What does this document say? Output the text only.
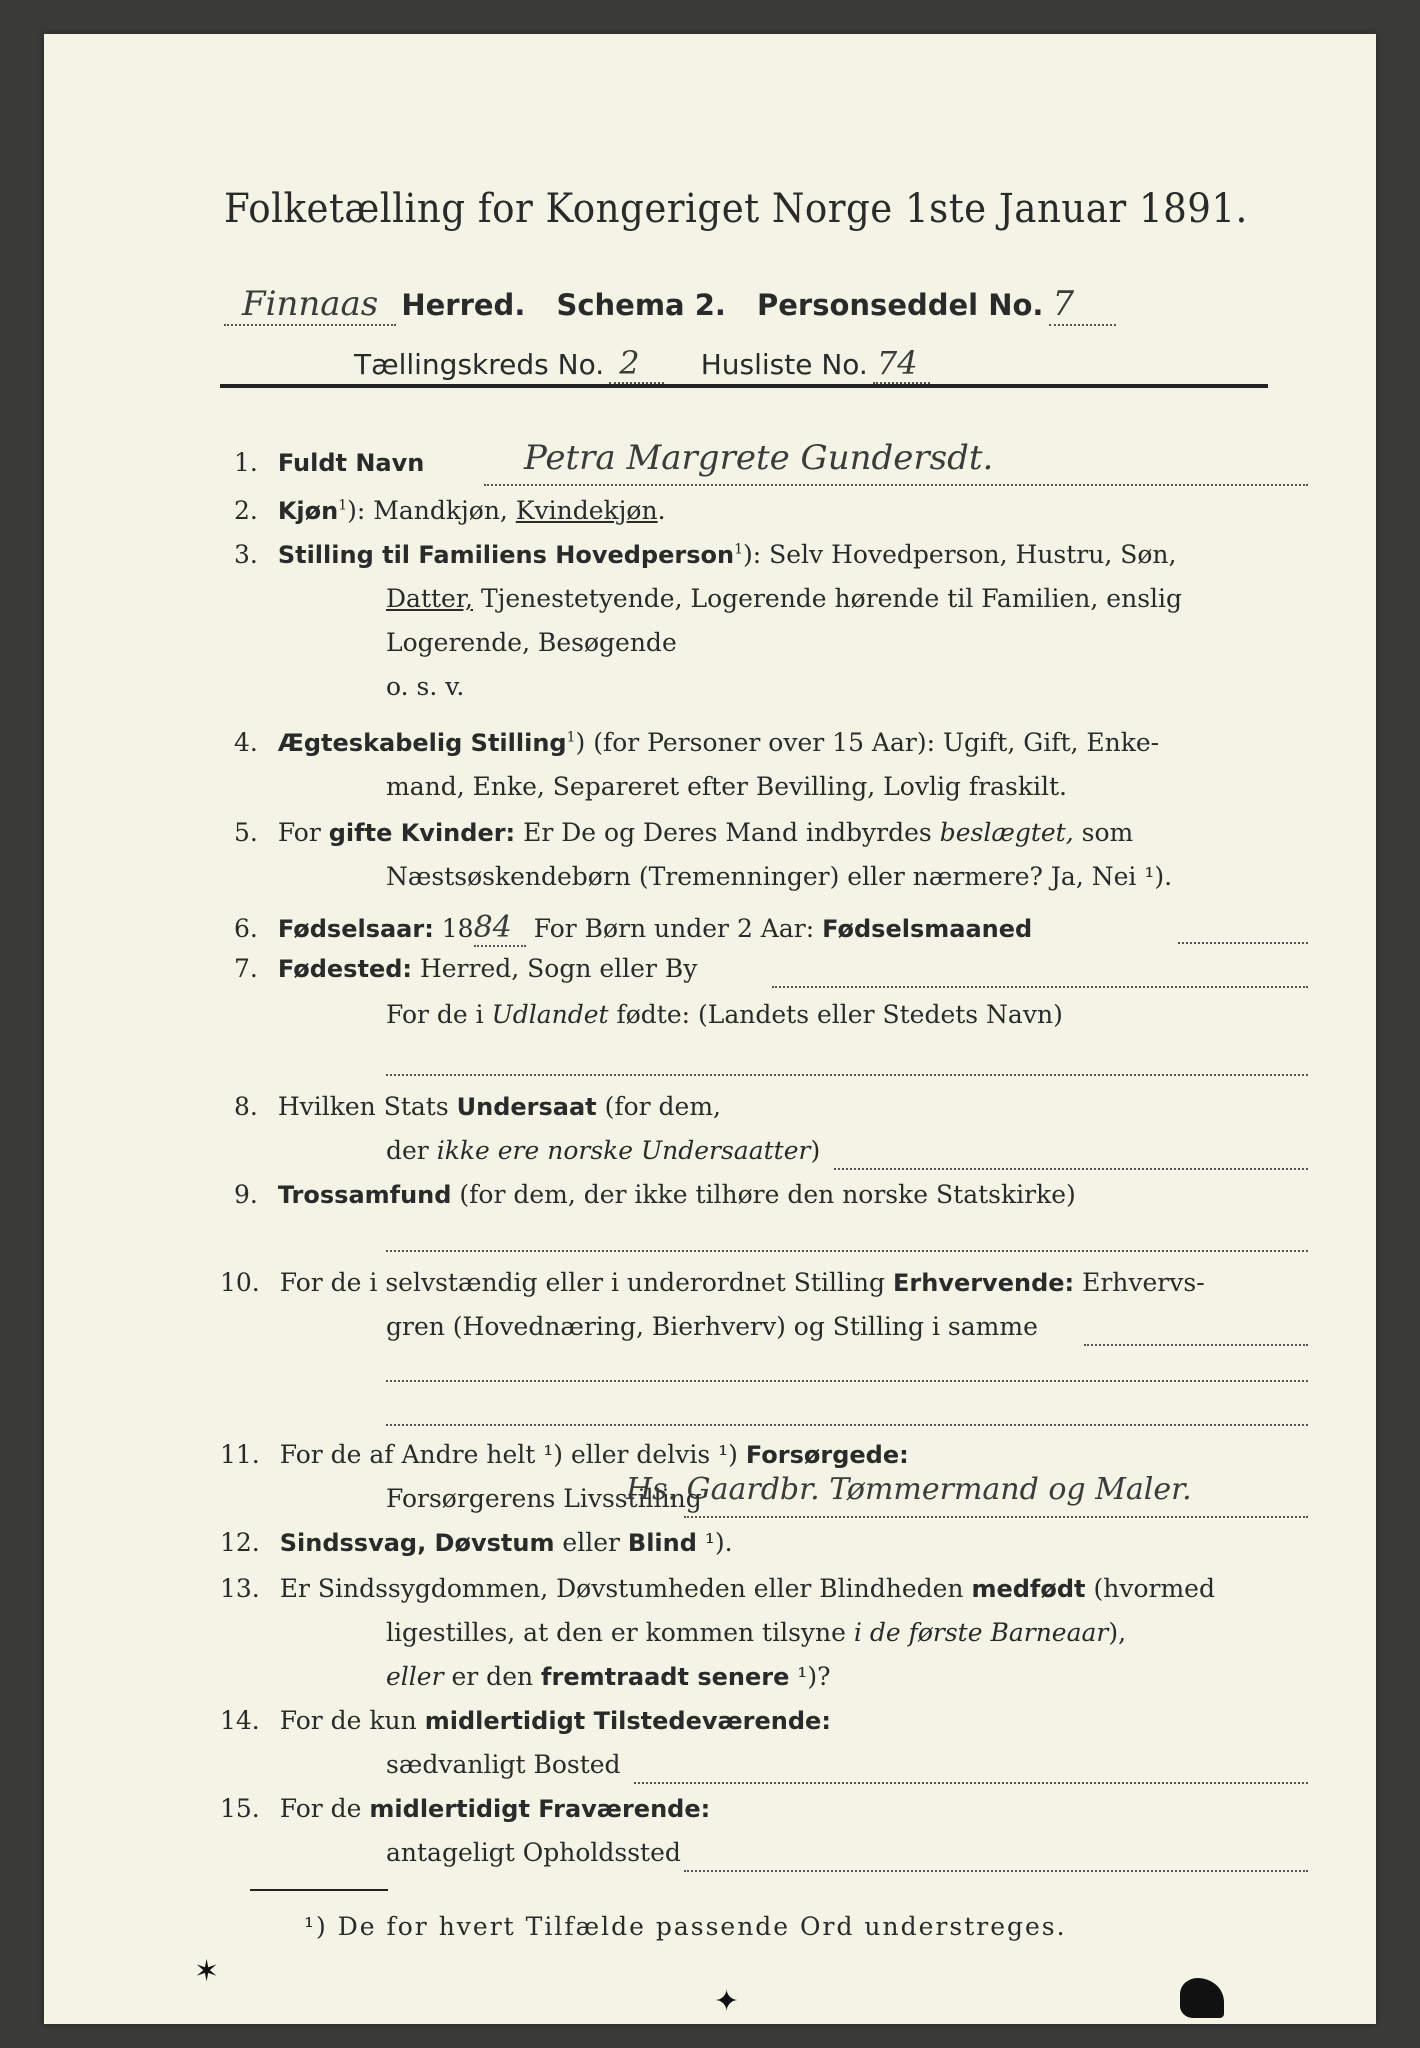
Folketælling for Kongeriget Norge 1ste Januar 1891.
Finnaas Herred. Schema 2. Personseddel No. 7
Tællingskreds No. 2 Husliste No. 74
1. Fuldt Navn	Petra Margrete Gundersdt.
2. Kjøn$^1$): Mandkjøn, Kvindekjøn.
3. Stilling til Familiens Hovedperson$^1$): Selv Hovedperson, Hustru, Søn,
Datter, Tjenestetyende, Logerende hørende til Familien, enslig
Logerende, Besøgende
o. s. v.
4. Ægteskabelig Stilling$^1$) (for Personer over 15 Aar): Ugift, Gift, Enke-
mand, Enke, Separeret efter Bevilling, Lovlig fraskilt.
5. For gifte Kvinder: Er De og Deres Mand indbyrdes beslægtet, som
Næstsøskendebørn (Tremenninger) eller nærmere? Ja, Nei ¹).
6. Fødselsaar: 1884 For Børn under 2 Aar: Fødselsmaaned
7. Fødested: Herred, Sogn eller By
For de i Udlandet fødte: (Landets eller Stedets Navn)
8. Hvilken Stats Undersaat (for dem,
der ikke ere norske Undersaatter)
9. Trossamfund (for dem, der ikke tilhøre den norske Statskirke)
10. For de i selvstændig eller i underordnet Stilling Erhvervende: Erhvervs-
gren (Hovednæring, Bierhverv) og Stilling i samme
11. For de af Andre helt ¹) eller delvis ¹) Forsørgede:
Forsørgerens Livsstilling
Hs. Gaardbr. Tømmermand og Maler.
12. Sindssvag, Døvstum eller Blind ¹).
13. Er Sindssygdommen, Døvstumheden eller Blindheden medfødt (hvormed
ligestilles, at den er kommen tilsyne i de første Barneaar),
eller er den fremtraadt senere ¹)?
14. For de kun midlertidigt Tilstedeværende:
sædvanligt Bosted
15. For de midlertidigt Fraværende:
antageligt Opholdssted
¹) De for hvert Tilfælde passende Ord understreges.
✶
✦
